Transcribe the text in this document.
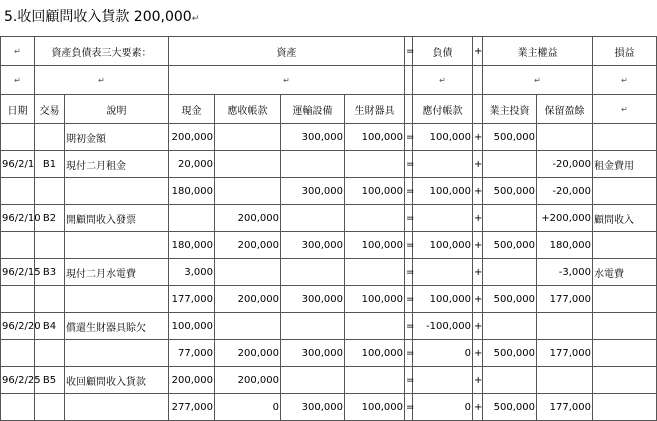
5.收回顧問收入貨款 200,000↵
↵	資產負債表三大要素：		資產				=	負債	+	業主權益		損益
↵	↵		↵					↵		↵		↵
日期	交易	說明	現金	應收帳款	運輸設備	生財器具		應付帳款		業主投資	保留盈餘	↵
		期初金額	200,000		300,000	100,000	=	100,000	+	500,000		
96/2/1	B1	現付二月租金	20,000				=		+		-20,000	租金費用
			180,000		300,000	100,000	=	100,000	+	500,000	-20,000	
96/2/10	B2	開顧問收入發票		200,000			=		+		+200,000	顧問收入
			180,000	200,000	300,000	100,000	=	100,000	+	500,000	180,000	
96/2/15	B3	現付二月水電費	3,000				=		+		-3,000	水電費
			177,000	200,000	300,000	100,000	=	100,000	+	500,000	177,000	
96/2/20	B4	償還生財器具賒欠	100,000				=	-100,000	+			
			77,000	200,000	300,000	100,000	=	0	+	500,000	177,000	
96/2/25	B5	收回顧問收入貨款	200,000	200,000			=		+			
			277,000	0	300,000	100,000	=	0	+	500,000	177,000	
